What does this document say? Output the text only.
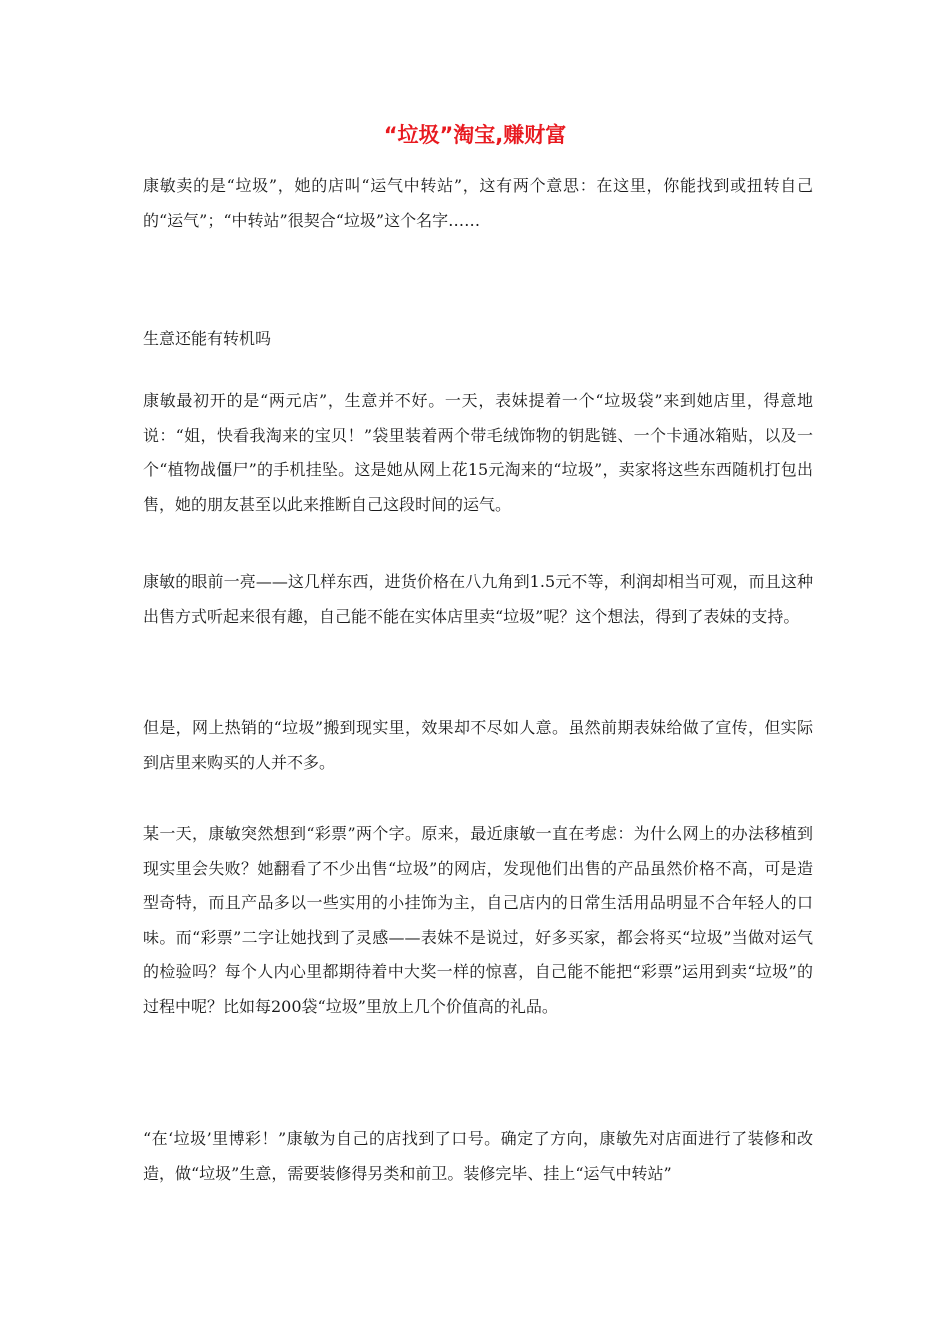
“垃圾”淘宝,赚财富

康敏卖的是“垃圾”，她的店叫“运气中转站”，这有两个意思：在这里，你能找到或扭转自己的“运气”；“中转站”很契合“垃圾”这个名字……

生意还能有转机吗

康敏最初开的是“两元店”，生意并不好。一天，表妹提着一个“垃圾袋”来到她店里，得意地说：“姐，快看我淘来的宝贝！”袋里装着两个带毛绒饰物的钥匙链、一个卡通冰箱贴，以及一个“植物战僵尸”的手机挂坠。这是她从网上花15元淘来的“垃圾”，卖家将这些东西随机打包出售，她的朋友甚至以此来推断自己这段时间的运气。

康敏的眼前一亮——这几样东西，进货价格在八九角到1.5元不等，利润却相当可观，而且这种出售方式听起来很有趣，自己能不能在实体店里卖“垃圾”呢？这个想法，得到了表妹的支持。

但是，网上热销的“垃圾”搬到现实里，效果却不尽如人意。虽然前期表妹给做了宣传，但实际到店里来购买的人并不多。

某一天，康敏突然想到“彩票”两个字。原来，最近康敏一直在考虑：为什么网上的办法移植到现实里会失败？她翻看了不少出售“垃圾”的网店，发现他们出售的产品虽然价格不高，可是造型奇特，而且产品多以一些实用的小挂饰为主，自己店内的日常生活用品明显不合年轻人的口味。而“彩票”二字让她找到了灵感——表妹不是说过，好多买家，都会将买“垃圾”当做对运气的检验吗？每个人内心里都期待着中大奖一样的惊喜，自己能不能把“彩票”运用到卖“垃圾”的过程中呢？比如每200袋“垃圾”里放上几个价值高的礼品。

“在‘垃圾’里博彩！”康敏为自己的店找到了口号。确定了方向，康敏先对店面进行了装修和改造，做“垃圾”生意，需要装修得另类和前卫。装修完毕、挂上“运气中转站”
